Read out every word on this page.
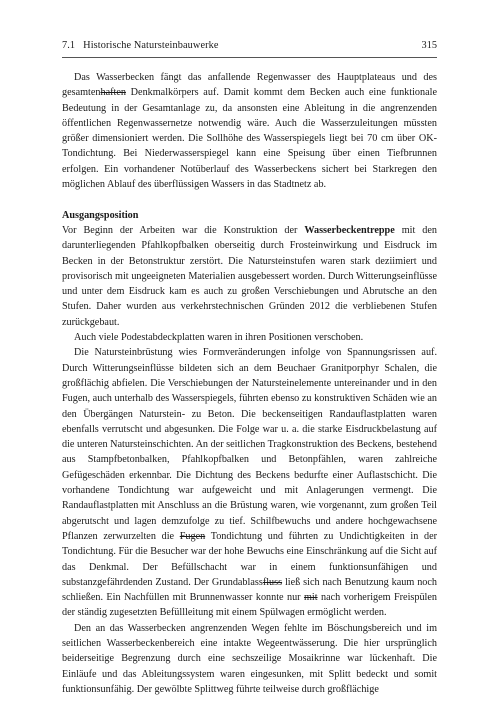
7.1 Historische Natursteinbauwerke	315

Das Wasserbecken fängt das anfallende Regenwasser des Hauptplateaus und des gesamtenhaften Denkmalkörpers auf. Damit kommt dem Becken auch eine funktionale Bedeutung in der Gesamtanlage zu, da ansonsten eine Ableitung in die angrenzenden öffentlichen Regenwassernetze notwendig wäre. Auch die Wasserzuleitungen müssten größer dimensioniert werden. Die Sollhöhe des Wasserspiegels liegt bei 70 cm über OK-Tondichtung. Bei Niederwasserspiegel kann eine Speisung über einen Tiefbrunnen erfolgen. Ein vorhandener Notüberlauf des Wasserbeckens sichert bei Starkregen den möglichen Ablauf des überflüssigen Wassers in das Stadtnetz ab.

Ausgangsposition

Vor Beginn der Arbeiten war die Konstruktion der Wasserbeckentreppe mit den darunterliegenden Pfahlkopfbalken oberseitig durch Frosteinwirkung und Eisdruck im Becken in der Betonstruktur zerstört. Die Natursteinstufen waren stark deziimiert und provisorisch mit ungeeigneten Materialien ausgebessert worden. Durch Witterungseinflüsse und unter dem Eisdruck kam es auch zu großen Verschiebungen und Abrutsche an den Stufen. Daher wurden aus verkehrstechnischen Gründen 2012 die verbliebenen Stufen zurückgebaut.

Auch viele Podestabdeckplatten waren in ihren Positionen verschoben.

Die Natursteinbrüstung wies Formveränderungen infolge von Spannungsrissen auf. Durch Witterungseinflüsse bildeten sich an dem Beuchaer Granitporphyr Schalen, die großflächig abfielen. Die Verschiebungen der Natursteinelemente untereinander und in den Fugen, auch unterhalb des Wasserspiegels, führten ebenso zu konstruktiven Schäden wie an den Übergängen Naturstein- zu Beton. Die beckenseitigen Randauflastplatten waren ebenfalls verrutscht und abgesunken. Die Folge war u. a. die starke Eisdruckbelastung auf die unteren Natursteinschichten. An der seitlichen Tragkonstruktion des Beckens, bestehend aus Stampfbetonbalken, Pfahlkopfbalken und Betonpfählen, waren zahlreiche Gefügeschäden erkennbar. Die Dichtung des Beckens bedurfte einer Auflastschicht. Die vorhandene Tondichtung war aufgeweicht und mit Anlagerungen vermengt. Die Randauflastplatten mit Anschluss an die Brüstung waren, wie vorgenannt, zum großen Teil abgerutscht und lagen demzufolge zu tief. Schilfbewuchs und andere hochgewachsene Pflanzen zerwurzelten die Fugen Tondichtung und führten zu Undichtigkeiten in der Tondichtung. Für die Besucher war der hohe Bewuchs eine Einschränkung auf die Sicht auf das Denkmal. Der Befüllschacht war in einem funktionsunfähigen und substanzgefährdenden Zustand. Der Grundablassfluss ließ sich nach Benutzung kaum noch schließen. Ein Nachfüllen mit Brunnenwasser konnte nur mit nach vorherigem Freispülen der ständig zugesetzten Befüllleitung mit einem Spülwagen ermöglicht werden.

Den an das Wasserbecken angrenzenden Wegen fehlte im Böschungsbereich und im seitlichen Wasserbeckenbereich eine intakte Wegeentwässerung. Die hier ursprünglich beiderseitige Begrenzung durch eine sechszeilige Mosaikrinne war lückenhaft. Die Einläufe und das Ableitungssystem waren eingesunken, mit Splitt bedeckt und somit funktionsunfähig. Der gewölbte Splittweg führte teilweise durch großflächige
